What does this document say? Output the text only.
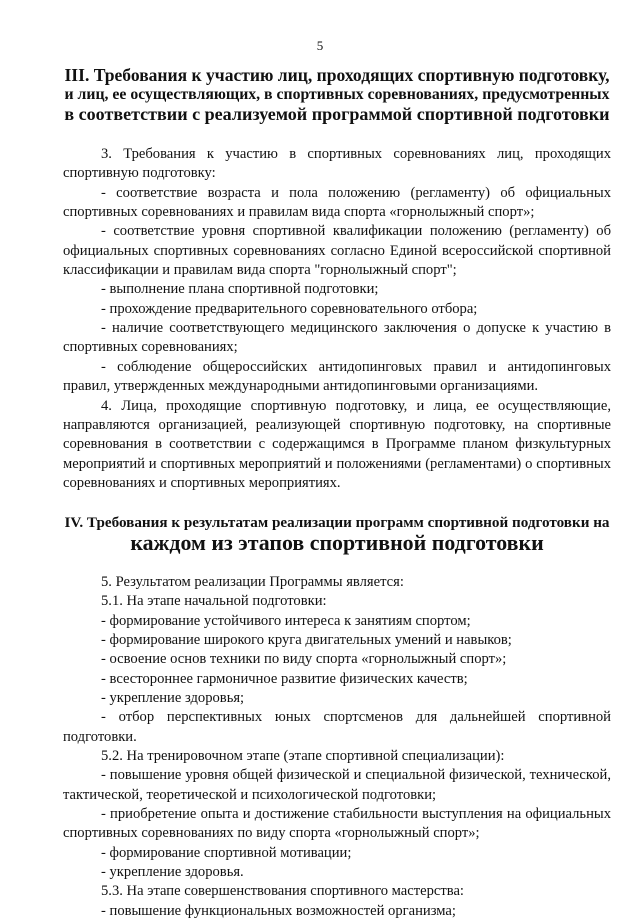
5
III. Требования к участию лиц, проходящих спортивную подготовку,
и лиц, ее осуществляющих, в спортивных соревнованиях, предусмотренных
в соответствии с реализуемой программой спортивной подготовки

3. Требования к участию в спортивных соревнованиях лиц, проходящих спортивную подготовку:

- соответствие возраста и пола положению (регламенту) об официальных спортивных соревнованиях и правилам вида спорта «горнолыжный спорт»;

- соответствие уровня спортивной квалификации положению (регламенту) об официальных спортивных соревнованиях согласно Единой всероссийской спортивной классификации и правилам вида спорта "горнолыжный спорт";

- выполнение плана спортивной подготовки;

- прохождение предварительного соревновательного отбора;

- наличие соответствующего медицинского заключения о допуске к участию в спортивных соревнованиях;

- соблюдение общероссийских антидопинговых правил и антидопинговых правил, утвержденных международными антидопинговыми организациями.

4. Лица, проходящие спортивную подготовку, и лица, ее осуществляющие, направляются организацией, реализующей спортивную подготовку, на спортивные соревнования в соответствии с содержащимся в Программе планом физкультурных мероприятий и спортивных мероприятий и положениями (регламентами) о спортивных соревнованиях и спортивных мероприятиях.

IV. Требования к результатам реализации программ спортивной подготовки на
каждом из этапов спортивной подготовки

5. Результатом реализации Программы является:

5.1. На этапе начальной подготовки:

- формирование устойчивого интереса к занятиям спортом;

- формирование широкого круга двигательных умений и навыков;

- освоение основ техники по виду спорта «горнолыжный спорт»;

- всестороннее гармоничное развитие физических качеств;

- укрепление здоровья;

- отбор перспективных юных спортсменов для дальнейшей спортивной подготовки.

5.2. На тренировочном этапе (этапе спортивной специализации):

- повышение уровня общей физической и специальной физической, технической, тактической, теоретической и психологической подготовки;

- приобретение опыта и достижение стабильности выступления на официальных спортивных соревнованиях по виду спорта «горнолыжный спорт»;

- формирование спортивной мотивации;

- укрепление здоровья.

5.3. На этапе совершенствования спортивного мастерства:

- повышение функциональных возможностей организма;
